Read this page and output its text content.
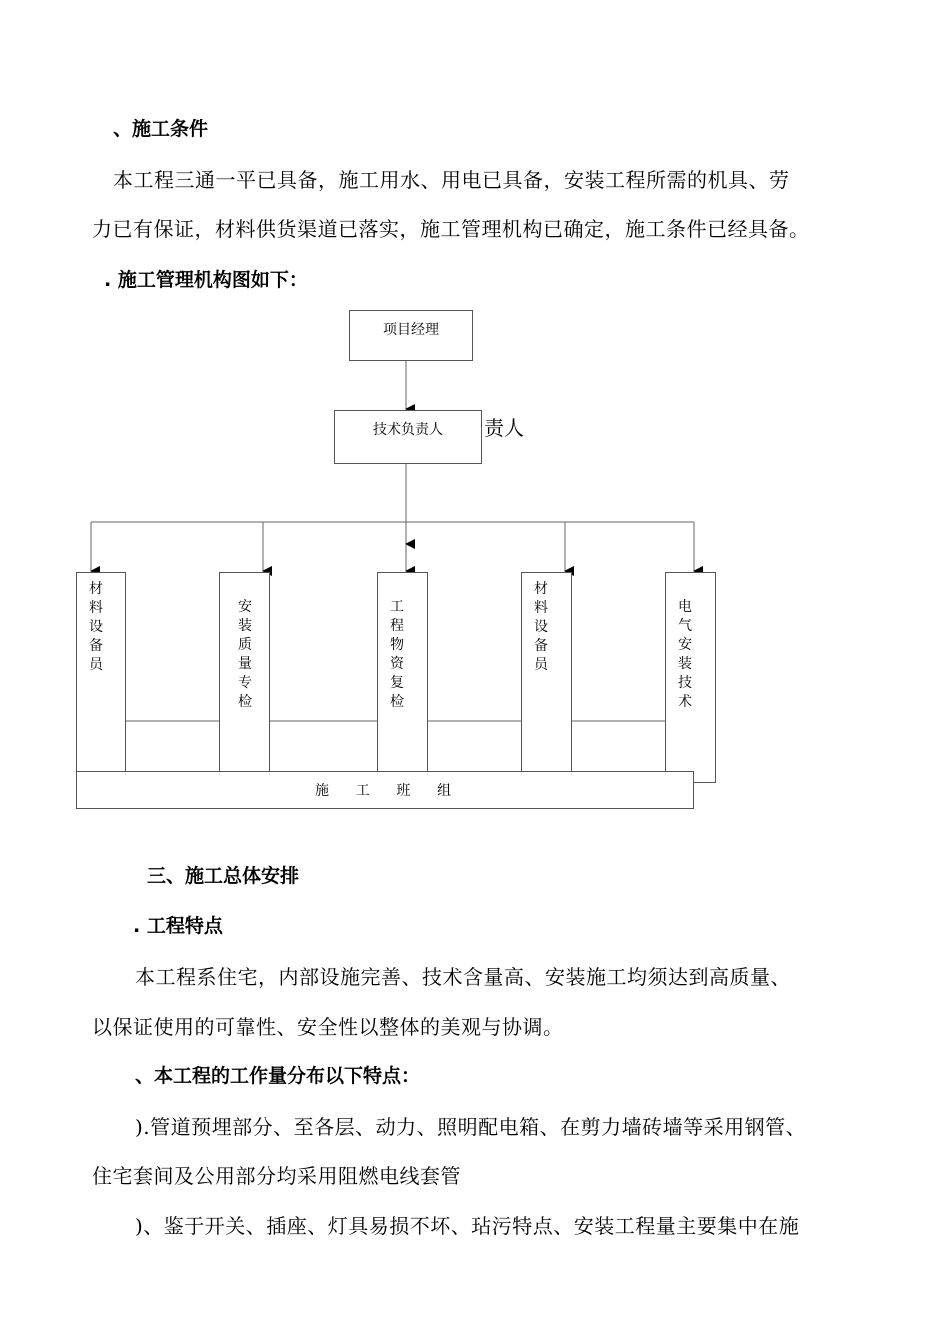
、施工条件
本工程三通一平已具备，施工用水、用电已具备，安装工程所需的机具、劳
力已有保证，材料供货渠道已落实，施工管理机构已确定，施工条件已经具备。
. 施工管理机构图如下：
项目经理
技术负责人	责人
材料设备员
安装质量专检
工程物资复检
材料设备员
电气安装技术
施      工      班      组
三、施工总体安排
. 工程特点
本工程系住宅，内部设施完善、技术含量高、安装施工均须达到高质量、
以保证使用的可靠性、安全性以整体的美观与协调。
、本工程的工作量分布以下特点：
).管道预埋部分、至各层、动力、照明配电箱、在剪力墙砖墙等采用钢管、
住宅套间及公用部分均采用阻燃电线套管
)、鉴于开关、插座、灯具易损不坏、玷污特点、安装工程量主要集中在施
